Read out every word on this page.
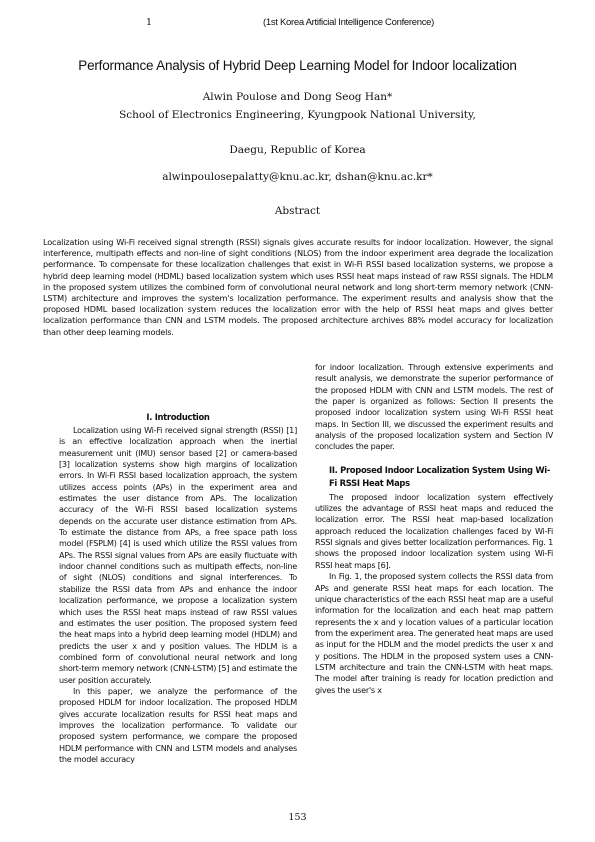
1	(1st Korea Artificial Intelligence Conference)
Performance Analysis of Hybrid Deep Learning Model for Indoor localization
Alwin Poulose and Dong Seog Han*
School of Electronics Engineering, Kyungpook National University,
Daegu, Republic of Korea
alwinpoulosepalatty@knu.ac.kr, dshan@knu.ac.kr*
Abstract
Localization using Wi-Fi received signal strength (RSSI) signals gives accurate results for indoor localization. However, the signal interference, multipath effects and non-line of sight conditions (NLOS) from the indoor experiment area degrade the localization performance. To compensate for these localization challenges that exist in Wi-Fi RSSI based localization systems, we propose a hybrid deep learning model (HDML) based localization system which uses RSSI heat maps instead of raw RSSI signals. The HDLM in the proposed system utilizes the combined form of convolutional neural network and long short-term memory network (CNN-LSTM) architecture and improves the system's localization performance. The experiment results and analysis show that the proposed HDML based localization system reduces the localization error with the help of RSSI heat maps and gives better localization performance than CNN and LSTM models. The proposed architecture archives 88% model accuracy for localization than other deep learning models.
I. Introduction

Localization using Wi-Fi received signal strength (RSSI) [1] is an effective localization approach when the inertial measurement unit (IMU) sensor based [2] or camera-based [3] localization systems show high margins of localization errors. In Wi-Fi RSSI based localization approach, the system utilizes access points (APs) in the experiment area and estimates the user distance from APs. The localization accuracy of the Wi-Fi RSSI based localization systems depends on the accurate user distance estimation from APs. To estimate the distance from APs, a free space path loss model (FSPLM) [4] is used which utilize the RSSI values from APs. The RSSI signal values from APs are easily fluctuate with indoor channel conditions such as multipath effects, non-line of sight (NLOS) conditions and signal interferences. To stabilize the RSSI data from APs and enhance the indoor localization performance, we propose a localization system which uses the RSSI heat maps instead of raw RSSI values and estimates the user position. The proposed system feed the heat maps into a hybrid deep learning model (HDLM) and predicts the user x and y position values. The HDLM is a combined form of convolutional neural network and long short-term memory network (CNN-LSTM) [5] and estimate the user position accurately.

In this paper, we analyze the performance of the proposed HDLM for indoor localization. The proposed HDLM gives accurate localization results for RSSI heat maps and improves the localization performance. To validate our proposed system performance, we compare the proposed HDLM performance with CNN and LSTM models and analyses the model accuracy

for indoor localization. Through extensive experiments and result analysis, we demonstrate the superior performance of the proposed HDLM with CNN and LSTM models. The rest of the paper is organized as follows: Section II presents the proposed indoor localization system using Wi-Fi RSSI heat maps. In Section III, we discussed the experiment results and analysis of the proposed localization system and Section IV concludes the paper.

II. Proposed Indoor Localization System Using Wi-Fi RSSI Heat Maps

The proposed indoor localization system effectively utilizes the advantage of RSSI heat maps and reduced the localization error. The RSSI heat map-based localization approach reduced the localization challenges faced by Wi-Fi RSSI signals and gives better localization performances. Fig. 1 shows the proposed indoor localization system using Wi-Fi RSSI heat maps [6].

In Fig. 1, the proposed system collects the RSSI data from APs and generate RSSI heat maps for each location. The unique characteristics of the each RSSI heat map are a useful information for the localization and each heat map pattern represents the x and y location values of a particular location from the experiment area. The generated heat maps are used as input for the HDLM and the model predicts the user x and y positions. The HDLM in the proposed system uses a CNN-LSTM architecture and train the CNN-LSTM with heat maps. The model after training is ready for location prediction and gives the user's x

153
